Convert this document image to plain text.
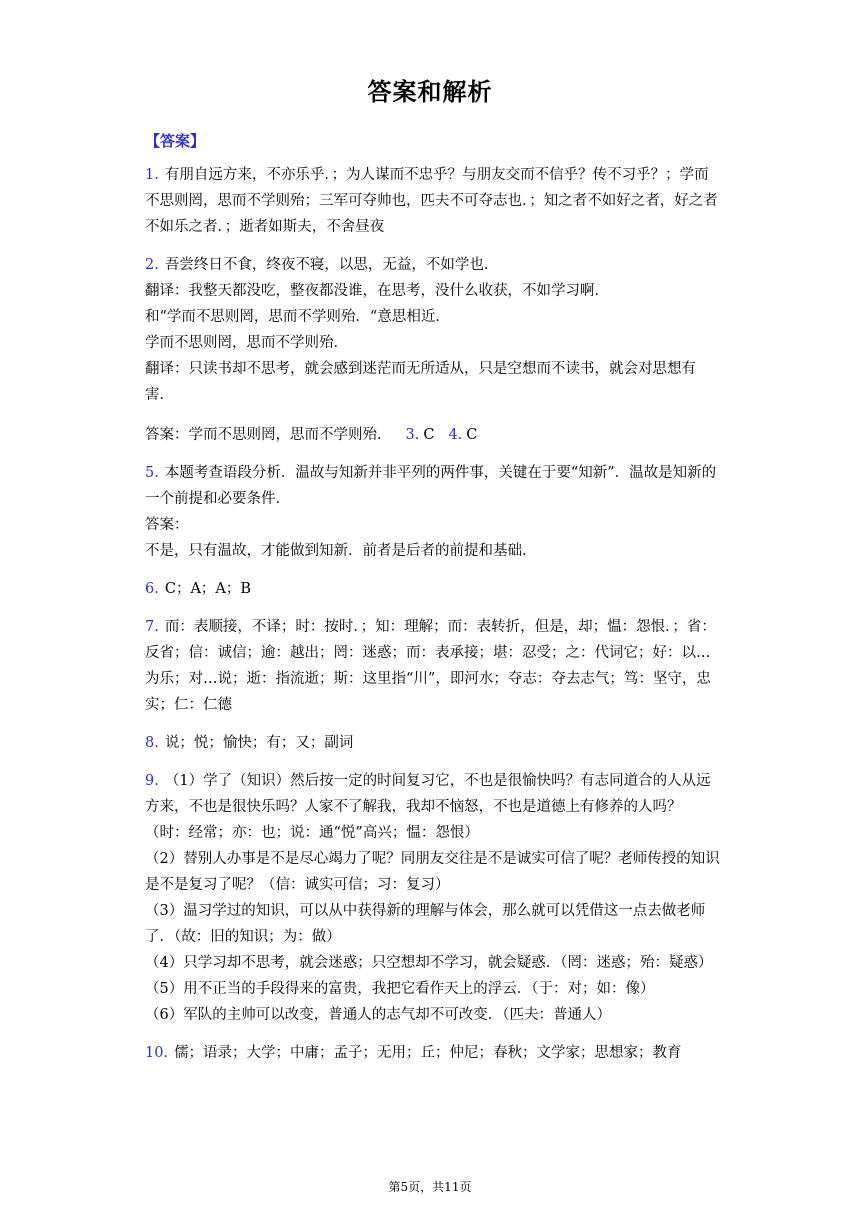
答案和解析
【答案】
1. 有朋自远方来，不亦乐乎．；为人谋而不忠乎？与朋友交而不信乎？传不习乎？；学而不思则罔，思而不学则殆；三军可夺帅也，匹夫不可夺志也．；知之者不如好之者，好之者不如乐之者．；逝者如斯夫，不舍昼夜
2. 吾尝终日不食，终夜不寝，以思，无益，不如学也．
翻译：我整天都没吃，整夜都没谁，在思考，没什么收获，不如学习啊．
和“学而不思则罔，思而不学则殆．“意思相近．
学而不思则罔，思而不学则殆．
翻译：只读书却不思考，就会感到迷茫而无所适从，只是空想而不读书，就会对思想有害．
答案：学而不思则罔，思而不学则殆． 3. C 4. C
5. 本题考查语段分析．温故与知新并非平列的两件事，关键在于要“知新”．温故是知新的一个前提和必要条件．
答案：
不是，只有温故，才能做到知新．前者是后者的前提和基础．
6. C；A；A；B
7. 而：表顺接，不译；时：按时．；知：理解；而：表转折，但是，却；愠：怨恨．；省：反省；信：诚信；逾：越出；罔：迷惑；而：表承接；堪：忍受；之：代词它；好：以…为乐；对…说；逝：指流逝；斯：这里指“川”，即河水；夺志：夺去志气；笃：坚守，忠实；仁：仁德
8. 说；悦；愉快；有；又；副词
9. （1）学了（知识）然后按一定的时间复习它，不也是很愉快吗？有志同道合的人从远方来，不也是很快乐吗？人家不了解我，我却不恼怒，不也是道德上有修养的人吗？（时：经常；亦：也；说：通“悦”高兴；愠：怨恨）
（2）替别人办事是不是尽心竭力了呢？同朋友交往是不是诚实可信了呢？老师传授的知识是不是复习了呢？（信：诚实可信；习：复习）
（3）温习学过的知识，可以从中获得新的理解与体会，那么就可以凭借这一点去做老师了．（故：旧的知识；为：做）
（4）只学习却不思考，就会迷惑；只空想却不学习，就会疑惑．（罔：迷惑；殆：疑惑）
（5）用不正当的手段得来的富贵，我把它看作天上的浮云．（于：对；如：像）
（6）军队的主帅可以改变，普通人的志气却不可改变．（匹夫：普通人）
10. 儒；语录；大学；中庸；孟子；无用；丘；仲尼；春秋；文学家；思想家；教育
第5页，共11页
